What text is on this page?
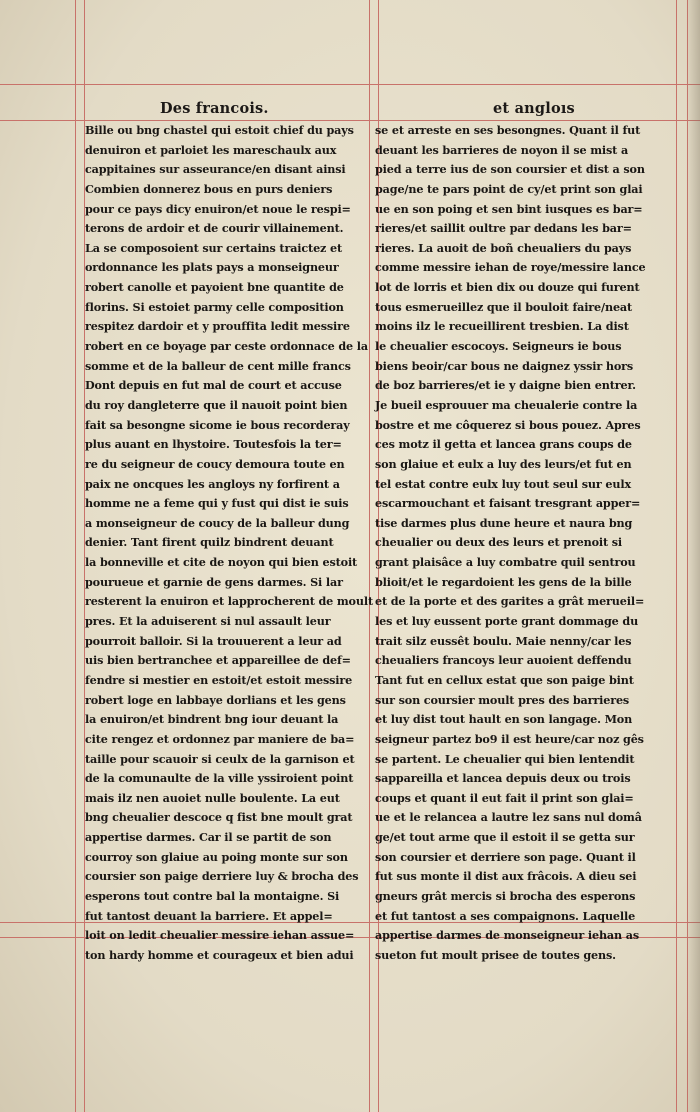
Des francois.	et angloıs
Bille ou bng chastel qui estoit chief du pays
denuiron et parloiet les mareschaulx aux
cappitaines sur asseurance/en disant ainsi
Combien donnerez bous en purs deniers
pour ce pays dicy enuiron/et noue le respi=
terons de ardoir et de courir villainement.
La se composoient sur certains traictez et
ordonnance les plats pays a monseigneur
robert canolle et payoient bne quantite de
florins. Si estoiet parmy celle composition
respitez dardoir et y prouffita ledit messire
robert en ce boyage par ceste ordonnace de la
somme et de la balleur de cent mille francs
Dont depuis en fut mal de court et accuse
du roy dangleterre que il nauoit point bien
fait sa besongne sicome ie bous recorderay
plus auant en lhystoire. Toutesfois la ter=
re du seigneur de coucy demoura toute en
paix ne oncques les angloys ny forfirent a
homme ne a feme qui y fust qui dist ie suis
a monseigneur de coucy de la balleur dung
denier. Tant firent quilz bindrent deuant
la bonneville et cite de noyon qui bien estoit
pourueue et garnie de gens darmes. Si lar
resterent la enuiron et lapprocherent de moult
pres. Et la aduiserent si nul assault leur
pourroit balloir. Si la trouuerent a leur ad
uis bien bertranchee et appareillee de def=
fendre si mestier en estoit/et estoit messire
robert loge en labbaye dorlians et les gens
la enuiron/et bindrent bng iour deuant la
cite rengez et ordonnez par maniere de ba=
taille pour scauoir si ceulx de la garnison et
de la comunaulte de la ville yssiroient point
mais ilz nen auoiet nulle boulente. La eut
bng cheualier descoce q fist bne moult grat
appertise darmes. Car il se partit de son
courroy son glaiue au poing monte sur son
coursier son paige derriere luy & brocha des
esperons tout contre bal la montaigne. Si
fut tantost deuant la barriere. Et appel=
loit on ledit cheualier messire iehan assue=
ton hardy homme et courageux et bien adui
se et arreste en ses besongnes. Quant il fut
deuant les barrieres de noyon il se mist a
pied a terre ius de son coursier et dist a son
page/ne te pars point de cy/et print son glai
ue en son poing et sen bint iusques es bar=
rieres/et saillit oultre par dedans les bar=
rieres. La auoit de boñ cheualiers du pays
comme messire iehan de roye/messire lance
lot de lorris et bien dix ou douze qui furent
tous esmerueillez que il bouloit faire/neat
moins ilz le recueillirent tresbien. La dist
le cheualier escocoys. Seigneurs ie bous
biens beoir/car bous ne daignez yssir hors
de boz barrieres/et ie y daigne bien entrer.
Je bueil esprouuer ma cheualerie contre la
bostre et me côquerez si bous pouez. Apres
ces motz il getta et lancea grans coups de
son glaiue et eulx a luy des leurs/et fut en
tel estat contre eulx luy tout seul sur eulx
escarmouchant et faisant tresgrant apper=
tise darmes plus dune heure et naura bng
cheualier ou deux des leurs et prenoit si
grant plaisâce a luy combatre quil sentrou
blioit/et le regardoient les gens de la bille
et de la porte et des garites a grât merueil=
les et luy eussent porte grant dommage du
trait silz eussêt boulu. Maie nenny/car les
cheualiers francoys leur auoient deffendu
Tant fut en cellux estat que son paige bint
sur son coursier moult pres des barrieres
et luy dist tout hault en son langage. Mon
seigneur partez bo9 il est heure/car noz gês
se partent. Le cheualier qui bien lentendit
sappareilla et lancea depuis deux ou trois
coups et quant il eut fait il print son glai=
ue et le relancea a lautre lez sans nul domâ
ge/et tout arme que il estoit il se getta sur
son coursier et derriere son page. Quant il
fut sus monte il dist aux frâcois. A dieu sei
gneurs grât mercis si brocha des esperons
et fut tantost a ses compaignons. Laquelle
appertise darmes de monseigneur iehan as
sueton fut moult prisee de toutes gens.
